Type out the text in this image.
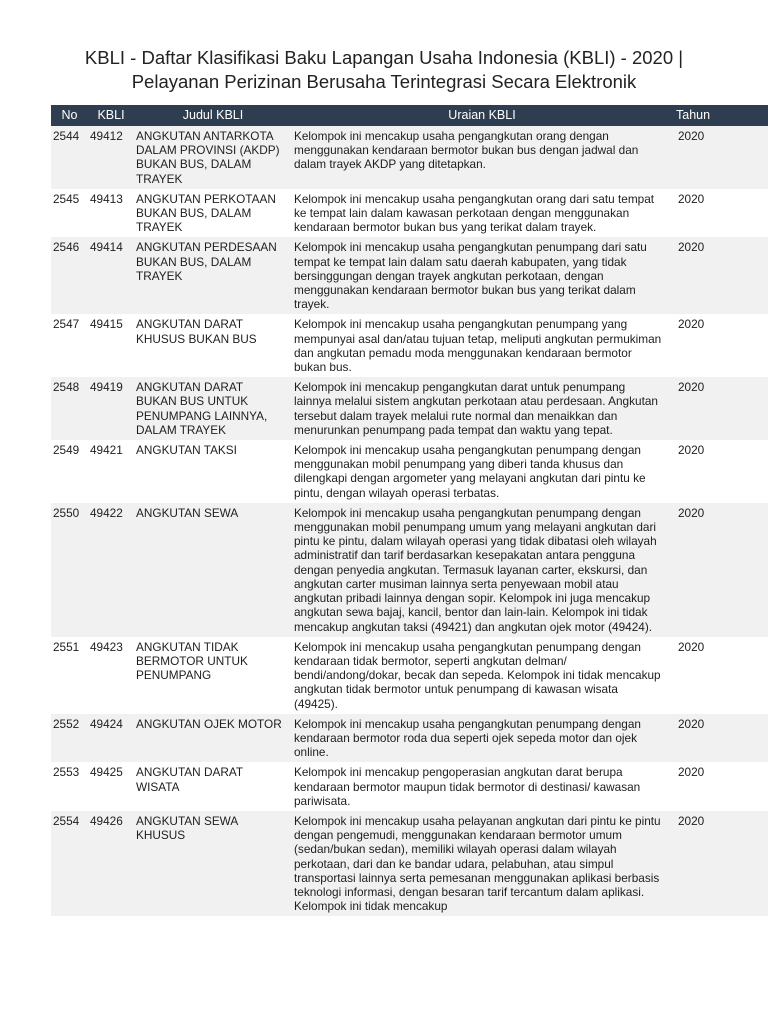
KBLI - Daftar Klasifikasi Baku Lapangan Usaha Indonesia (KBLI) - 2020 |
Pelayanan Perizinan Berusaha Terintegrasi Secara Elektronik
No	KBLI	Judul KBLI	Uraian KBLI	Tahun
2544	49412	ANGKUTAN ANTARKOTA DALAM PROVINSI (AKDP) BUKAN BUS, DALAM TRAYEK	Kelompok ini mencakup usaha pengangkutan orang dengan menggunakan kendaraan bermotor bukan bus dengan jadwal dan dalam trayek AKDP yang ditetapkan.	2020
2545	49413	ANGKUTAN PERKOTAAN BUKAN BUS, DALAM TRAYEK	Kelompok ini mencakup usaha pengangkutan orang dari satu tempat ke tempat lain dalam kawasan perkotaan dengan menggunakan kendaraan bermotor bukan bus yang terikat dalam trayek.	2020
2546	49414	ANGKUTAN PERDESAAN BUKAN BUS, DALAM TRAYEK	Kelompok ini mencakup usaha pengangkutan penumpang dari satu tempat ke tempat lain dalam satu daerah kabupaten, yang tidak bersinggungan dengan trayek angkutan perkotaan, dengan menggunakan kendaraan bermotor bukan bus yang terikat dalam trayek.	2020
2547	49415	ANGKUTAN DARAT KHUSUS BUKAN BUS	Kelompok ini mencakup usaha pengangkutan penumpang yang mempunyai asal dan/atau tujuan tetap, meliputi angkutan permukiman dan angkutan pemadu moda menggunakan kendaraan bermotor bukan bus.	2020
2548	49419	ANGKUTAN DARAT BUKAN BUS UNTUK PENUMPANG LAINNYA, DALAM TRAYEK	Kelompok ini mencakup pengangkutan darat untuk penumpang lainnya melalui sistem angkutan perkotaan atau perdesaan. Angkutan tersebut dalam trayek melalui rute normal dan menaikkan dan menurunkan penumpang pada tempat dan waktu yang tepat.	2020
2549	49421	ANGKUTAN TAKSI	Kelompok ini mencakup usaha pengangkutan penumpang dengan menggunakan mobil penumpang yang diberi tanda khusus dan dilengkapi dengan argometer yang melayani angkutan dari pintu ke pintu, dengan wilayah operasi terbatas.	2020
2550	49422	ANGKUTAN SEWA	Kelompok ini mencakup usaha pengangkutan penumpang dengan menggunakan mobil penumpang umum yang melayani angkutan dari pintu ke pintu, dalam wilayah operasi yang tidak dibatasi oleh wilayah administratif dan tarif berdasarkan kesepakatan antara pengguna dengan penyedia angkutan. Termasuk layanan carter, ekskursi, dan angkutan carter musiman lainnya serta penyewaan mobil atau angkutan pribadi lainnya dengan sopir. Kelompok ini juga mencakup angkutan sewa bajaj, kancil, bentor dan lain-lain. Kelompok ini tidak mencakup angkutan taksi (49421) dan angkutan ojek motor (49424).	2020
2551	49423	ANGKUTAN TIDAK BERMOTOR UNTUK PENUMPANG	Kelompok ini mencakup usaha pengangkutan penumpang dengan kendaraan tidak bermotor, seperti angkutan delman/ bendi/andong/dokar, becak dan sepeda. Kelompok ini tidak mencakup angkutan tidak bermotor untuk penumpang di kawasan wisata (49425).	2020
2552	49424	ANGKUTAN OJEK MOTOR	Kelompok ini mencakup usaha pengangkutan penumpang dengan kendaraan bermotor roda dua seperti ojek sepeda motor dan ojek online.	2020
2553	49425	ANGKUTAN DARAT WISATA	Kelompok ini mencakup pengoperasian angkutan darat berupa kendaraan bermotor maupun tidak bermotor di destinasi/ kawasan pariwisata.	2020
2554	49426	ANGKUTAN SEWA KHUSUS	Kelompok ini mencakup usaha pelayanan angkutan dari pintu ke pintu dengan pengemudi, menggunakan kendaraan bermotor umum (sedan/bukan sedan), memiliki wilayah operasi dalam wilayah perkotaan, dari dan ke bandar udara, pelabuhan, atau simpul transportasi lainnya serta pemesanan menggunakan aplikasi berbasis teknologi informasi, dengan besaran tarif tercantum dalam aplikasi. Kelompok ini tidak mencakup	2020
